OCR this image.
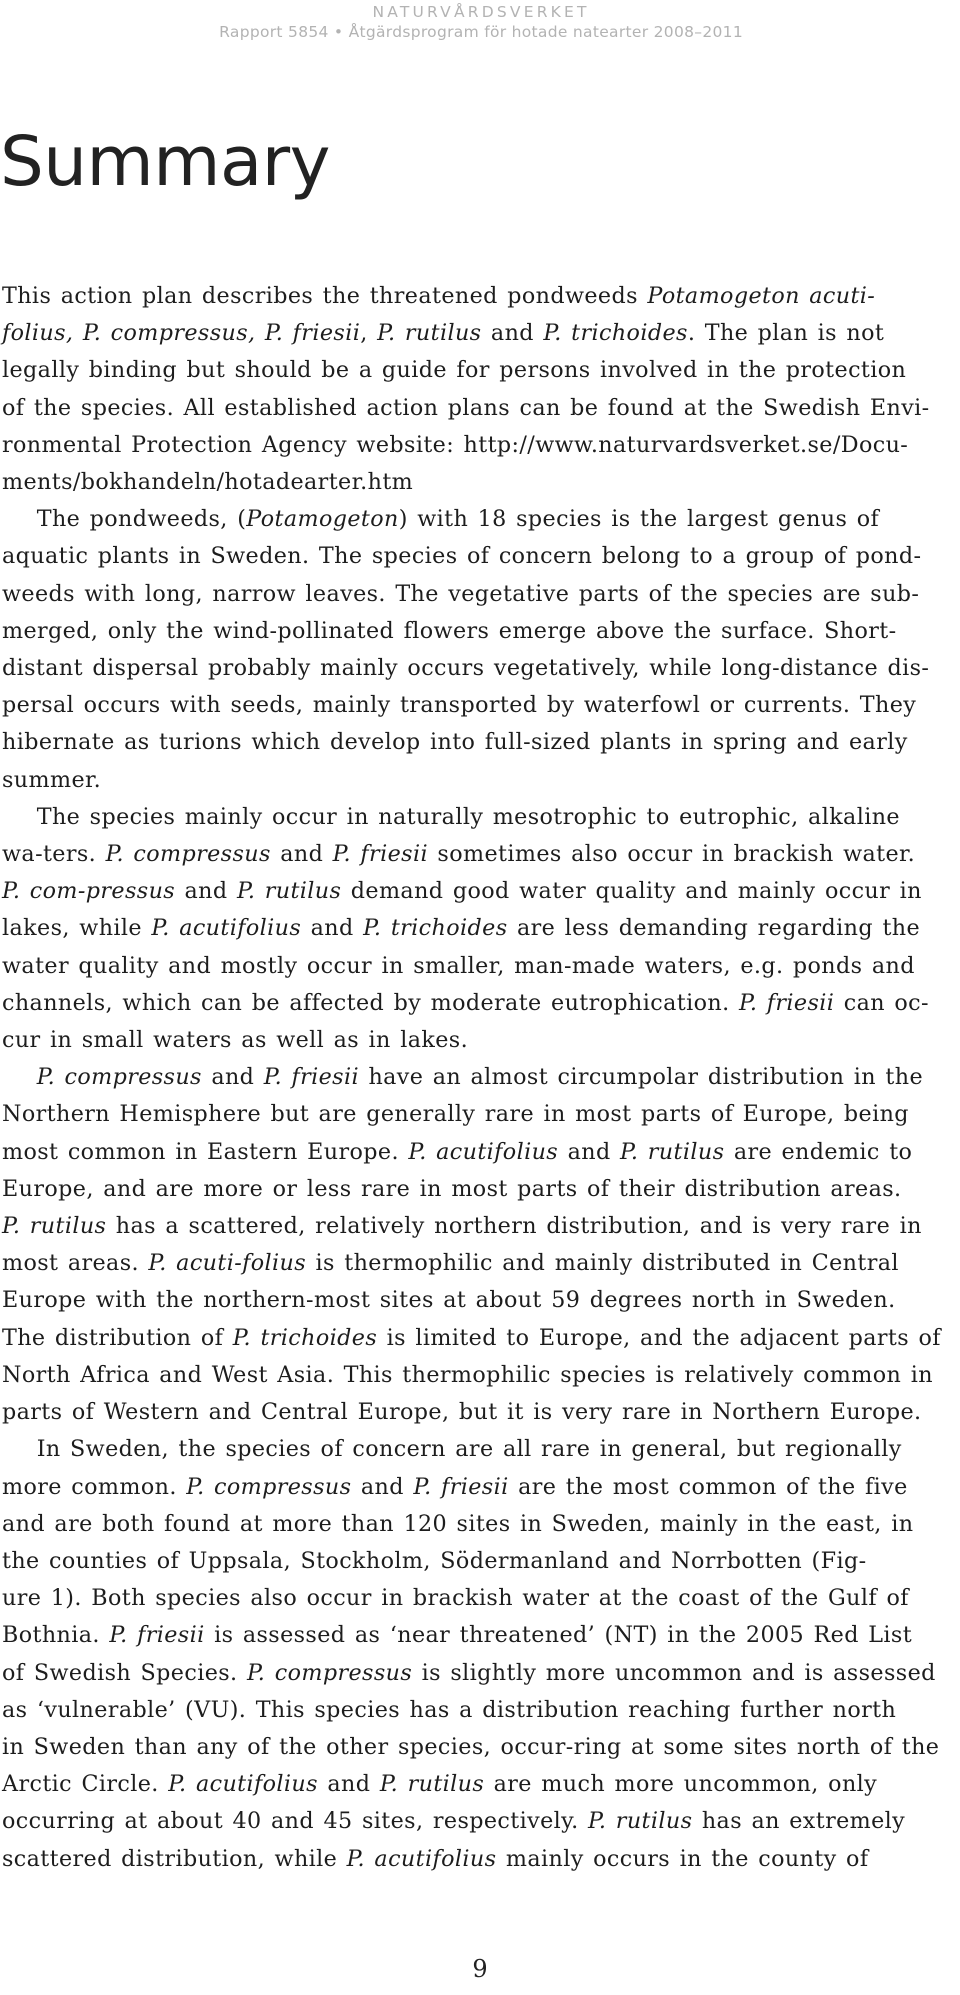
NATURVÅRDSVERKET
Rapport 5854 • Åtgärdsprogram för hotade natearter 2008–2011
Summary
This action plan describes the threatened pondweeds Potamogeton acuti-
folius, P. compressus, P. friesii, P. rutilus and P. trichoides. The plan is not
legally binding but should be a guide for persons involved in the protection
of the species. All established action plans can be found at the Swedish Envi-
ronmental Protection Agency website: http://www.naturvardsverket.se/Docu-
ments/bokhandeln/hotadearter.htm
The pondweeds, (Potamogeton) with 18 species is the largest genus of
aquatic plants in Sweden. The species of concern belong to a group of pond-
weeds with long, narrow leaves. The vegetative parts of the species are sub-
merged, only the wind-pollinated flowers emerge above the surface. Short-
distant dispersal probably mainly occurs vegetatively, while long-distance dis-
persal occurs with seeds, mainly transported by waterfowl or currents. They
hibernate as turions which develop into full-sized plants in spring and early
summer.
The species mainly occur in naturally mesotrophic to eutrophic, alkaline
wa-ters. P. compressus and P. friesii sometimes also occur in brackish water.
P. com-pressus and P. rutilus demand good water quality and mainly occur in
lakes, while P. acutifolius and P. trichoides are less demanding regarding the
water quality and mostly occur in smaller, man-made waters, e.g. ponds and
channels, which can be affected by moderate eutrophication. P. friesii can oc-
cur in small waters as well as in lakes.
P. compressus and P. friesii have an almost circumpolar distribution in the
Northern Hemisphere but are generally rare in most parts of Europe, being
most common in Eastern Europe. P. acutifolius and P. rutilus are endemic to
Europe, and are more or less rare in most parts of their distribution areas.
P. rutilus has a scattered, relatively northern distribution, and is very rare in
most areas. P. acuti-folius is thermophilic and mainly distributed in Central
Europe with the northern-most sites at about 59 degrees north in Sweden.
The distribution of P. trichoides is limited to Europe, and the adjacent parts of
North Africa and West Asia. This thermophilic species is relatively common in
parts of Western and Central Europe, but it is very rare in Northern Europe.
In Sweden, the species of concern are all rare in general, but regionally
more common. P. compressus and P. friesii are the most common of the five
and are both found at more than 120 sites in Sweden, mainly in the east, in
the counties of Uppsala, Stockholm, Södermanland and Norrbotten (Fig-
ure 1). Both species also occur in brackish water at the coast of the Gulf of
Bothnia. P. friesii is assessed as ‘near threatened’ (NT) in the 2005 Red List
of Swedish Species. P. compressus is slightly more uncommon and is assessed
as ‘vulnerable’ (VU). This species has a distribution reaching further north
in Sweden than any of the other species, occur-ring at some sites north of the
Arctic Circle. P. acutifolius and P. rutilus are much more uncommon, only
occurring at about 40 and 45 sites, respectively. P. rutilus has an extremely
scattered distribution, while P. acutifolius mainly occurs in the county of
9
